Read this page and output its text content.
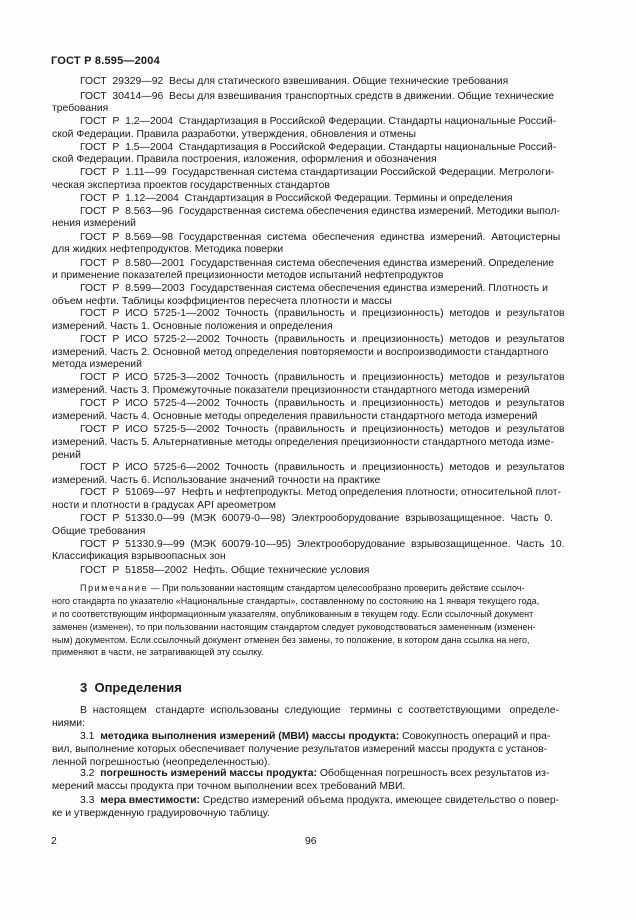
ГОСТ Р 8.595—2004
ГОСТ  29329—92  Весы для статического взвешивания. Общие технические требования
ГОСТ  30414—96  Весы для взвешивания транспортных средств в движении. Общие технические
требования
ГОСТ  Р  1.2—2004  Стандартизация в Российской Федерации. Стандарты национальные Россий-
ской Федерации. Правила разработки, утверждения, обновления и отмены
ГОСТ  Р  1.5—2004  Стандартизация в Российской Федерации. Стандарты национальные Россий-
ской Федерации. Правила построения, изложения, оформления и обозначения
ГОСТ  Р  1.11—99  Государственная система стандартизации Российской Федерации. Метрологи-
ческая экспертиза проектов государственных стандартов
ГОСТ  Р  1.12—2004  Стандартизация в Российской Федерации. Термины и определения
ГОСТ  Р  8.563—96  Государственная система обеспечения единства измерений. Методики выпол-
нения измерений
ГОСТ  Р  8.569—98  Государственная  система  обеспечения  единства  измерений.  Автоцистерны
для жидких нефтепродуктов. Методика поверки
ГОСТ  Р  8.580—2001  Государственная система обеспечения единства измерений. Определение
и применение показателей прецизионности методов испытаний нефтепродуктов
ГОСТ  Р  8.599—2003  Государственная система обеспечения единства измерений. Плотность и
объем нефти. Таблицы коэффициентов пересчета плотности и массы
ГОСТ  Р  ИСО  5725-1—2002  Точность  (правильность  и  прецизионность)  методов  и  результатов
измерений. Часть 1. Основные положения и определения
ГОСТ  Р  ИСО  5725-2—2002  Точность  (правильность  и  прецизионность)  методов  и  результатов
измерений. Часть 2. Основной метод определения повторяемости и воспроизводимости стандартного
метода измерений
ГОСТ  Р  ИСО  5725-3—2002  Точность  (правильность  и  прецизионность)  методов  и  результатов
измерений. Часть 3. Промежуточные показатели прецизионности стандартного метода измерений
ГОСТ  Р  ИСО  5725-4—2002  Точность  (правильность  и  прецизионность)  методов  и  результатов
измерений. Часть 4. Основные методы определения правильности стандартного метода измерений
ГОСТ  Р  ИСО  5725-5—2002  Точность  (правильность  и  прецизионность)  методов  и  результатов
измерений. Часть 5. Альтернативные методы определения прецизионности стандартного метода изме-
рений
ГОСТ  Р  ИСО  5725-6—2002  Точность  (правильность  и  прецизионность)  методов  и  результатов
измерений. Часть 6. Использование значений точности на практике
ГОСТ  Р  51069—97  Нефть и нефтепродукты. Метод определения плотности, относительной плот-
ности и плотности в градусах API ареометром
ГОСТ  Р  51330.0—99  (МЭК  60079-0—98)  Электрооборудование  взрывозащищенное.  Часть  0.
Общие требования
ГОСТ  Р  51330.9—99  (МЭК  60079-10—95)  Электрооборудование  взрывозащищенное.  Часть  10.
Классификация взрывоопасных зон
ГОСТ  Р  51858—2002  Нефть. Общие технические условия
Примечание — При пользовании настоящим стандартом целесообразно проверить действие ссылоч-
ного стандарта по указателю «Национальные стандарты», составленному по состоянию на 1 января текущего года,
и по соответствующим информационным указателям, опубликованным в текущем году. Если ссылочный документ
заменен (изменен), то при пользовании настоящим стандартом следует руководствоваться замененным (изменен-
ным) документом. Если ссылочный документ отменен без замены, то положение, в котором дана ссылка на него,
применяют в части, не затрагивающей эту ссылку.
3  Определения
В  настоящем   стандарте  использованы  следующие   термины  с  соответствующими   определе-
ниями:
3.1 методика выполнения измерений (МВИ) массы продукта: Совокупность операций и пра-
вил, выполнение которых обеспечивает получение результатов измерений массы продукта с установ-
ленной погрешностью (неопределенностью).
3.2 погрешность измерений массы продукта: Обобщенная погрешность всех результатов из-
мерений массы продукта при точном выполнении всех требований МВИ.
3.3 мера вместимости: Средство измерений объема продукта, имеющее свидетельство о повер-
ке и утвержденную градуировочную таблицу.
2	96
